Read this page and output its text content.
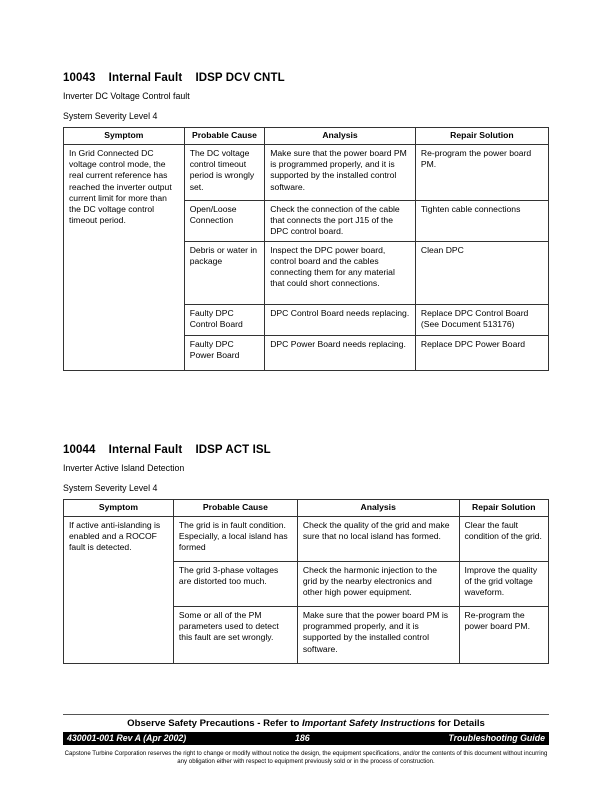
10043    Internal Fault    IDSP DCV CNTL
Inverter DC Voltage Control fault
System Severity Level 4
Symptom	Probable Cause	Analysis	Repair Solution
In Grid Connected DC voltage control mode, the real current reference has reached the inverter output current limit for more than the DC voltage control timeout period.	The DC voltage control timeout period is wrongly set.	Make sure that the power board PM is programmed properly, and it is supported by the installed control software.	Re-program the power board PM.
	Open/Loose Connection	Check the connection of the cable that connects the port J15 of the DPC control board.	Tighten cable connections
	Debris or water in package	Inspect the DPC power board, control board and the cables connecting them for any material that could short connections.	Clean DPC
	Faulty DPC Control Board	DPC Control Board needs replacing.	Replace DPC Control Board (See Document 513176)
	Faulty DPC Power Board	DPC Power Board needs replacing.	Replace DPC Power Board
10044    Internal Fault    IDSP ACT ISL
Inverter Active Island Detection
System Severity Level 4
Symptom	Probable Cause	Analysis	Repair Solution
If active anti-islanding is enabled and a ROCOF fault is detected.	The grid is in fault condition. Especially, a local island has formed	Check the quality of the grid and make sure that no local island has formed.	Clear the fault condition of the grid.
	The grid 3-phase voltages are distorted too much.	Check the harmonic injection to the grid by the nearby electronics and other high power equipment.	Improve the quality of the grid voltage waveform.
	Some or all of the PM parameters used to detect this fault are set wrongly.	Make sure that the power board PM is programmed properly, and it is supported by the installed control software.	Re-program the power board PM.
Observe Safety Precautions - Refer to Important Safety Instructions for Details
430001-001 Rev A (Apr 2002)	186	Troubleshooting Guide
Capstone Turbine Corporation reserves the right to change or modify without notice the design, the equipment specifications, and/or the contents of this document without incurring any obligation either with respect to equipment previously sold or in the process of construction.
